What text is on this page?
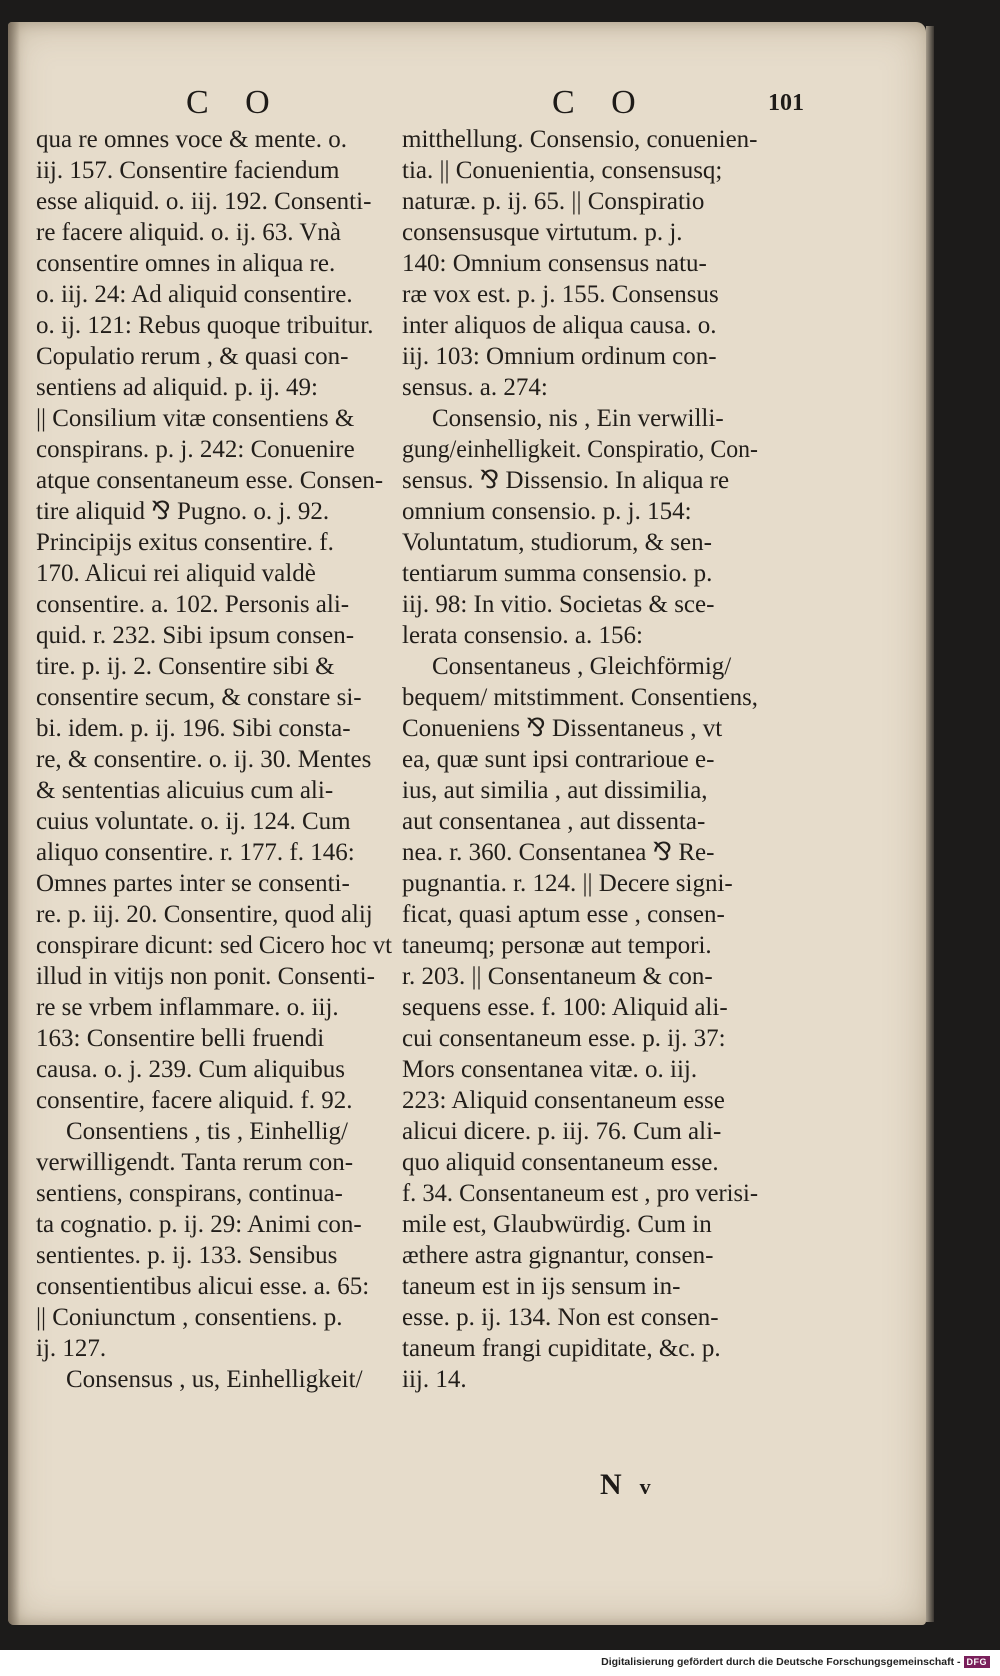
C O	C O	101
qua re omnes voce & mente. o.
iij. 157. Consentire faciendum
esse aliquid. o. iij. 192. Consenti-
re facere aliquid. o. ij. 63. Vnà
consentire omnes in aliqua re.
o. iij. 24: Ad aliquid consentire.
o. ij. 121: Rebus quoque tribuitur.
Copulatio rerum , & quasi con-
sentiens ad aliquid. p. ij. 49:
|| Consilium vitæ consentiens &
conspirans. p. j. 242: Conuenire
atque consentaneum esse. Consen-
tire aliquid ⅋ Pugno. o. j. 92.
Principijs exitus consentire. f.
170. Alicui rei aliquid valdè
consentire. a. 102. Personis ali-
quid. r. 232. Sibi ipsum consen-
tire. p. ij. 2. Consentire sibi &
consentire secum, & constare si-
bi. idem. p. ij. 196. Sibi consta-
re, & consentire. o. ij. 30. Mentes
& sententias alicuius cum ali-
cuius voluntate. o. ij. 124. Cum
aliquo consentire. r. 177. f. 146:
Omnes partes inter se consenti-
re. p. iij. 20. Consentire, quod alij
conspirare dicunt: sed Cicero hoc vt
illud in vitijs non ponit. Consenti-
re se vrbem inflammare. o. iij.
163: Consentire belli fruendi
causa. o. j. 239. Cum aliquibus
consentire, facere aliquid. f. 92.
Consentiens , tis , Einhellig/
verwilligendt. Tanta rerum con-
sentiens, conspirans, continua-
ta cognatio. p. ij. 29: Animi con-
sentientes. p. ij. 133. Sensibus
consentientibus alicui esse. a. 65:
|| Coniunctum , consentiens. p.
ij. 127.
Consensus , us, Einhelligkeit/
mitthellung. Consensio, conuenien-
tia. || Conuenientia, consensusq;
naturæ. p. ij. 65. || Conspiratio
consensusque virtutum. p. j.
140: Omnium consensus natu-
ræ vox est. p. j. 155. Consensus
inter aliquos de aliqua causa. o.
iij. 103: Omnium ordinum con-
sensus. a. 274:
Consensio, nis , Ein verwilli-
gung/einhelligkeit. Conspiratio, Con-
sensus. ⅋ Dissensio. In aliqua re
omnium consensio. p. j. 154:
Voluntatum, studiorum, & sen-
tentiarum summa consensio. p.
iij. 98: In vitio. Societas & sce-
lerata consensio. a. 156:
Consentaneus , Gleichförmig/
bequem/ mitstimment. Consentiens,
Conueniens ⅋ Dissentaneus , vt
ea, quæ sunt ipsi contrarioue e-
ius, aut similia , aut dissimilia,
aut consentanea , aut dissenta-
nea. r. 360. Consentanea ⅋ Re-
pugnantia. r. 124. || Decere signi-
ficat, quasi aptum esse , consen-
taneumq; personæ aut tempori.
r. 203. || Consentaneum & con-
sequens esse. f. 100: Aliquid ali-
cui consentaneum esse. p. ij. 37:
Mors consentanea vitæ. o. iij.
223: Aliquid consentaneum esse
alicui dicere. p. iij. 76. Cum ali-
quo aliquid consentaneum esse.
f. 34. Consentaneum est , pro verisi-
mile est, Glaubwürdig. Cum in
æthere astra gignantur, consen-
taneum est in ijs sensum in-
esse. p. ij. 134. Non est consen-
taneum frangi cupiditate, &c. p.
iij. 14.
N v
Digitalisierung gefördert durch die Deutsche Forschungsgemeinschaft - DFG
